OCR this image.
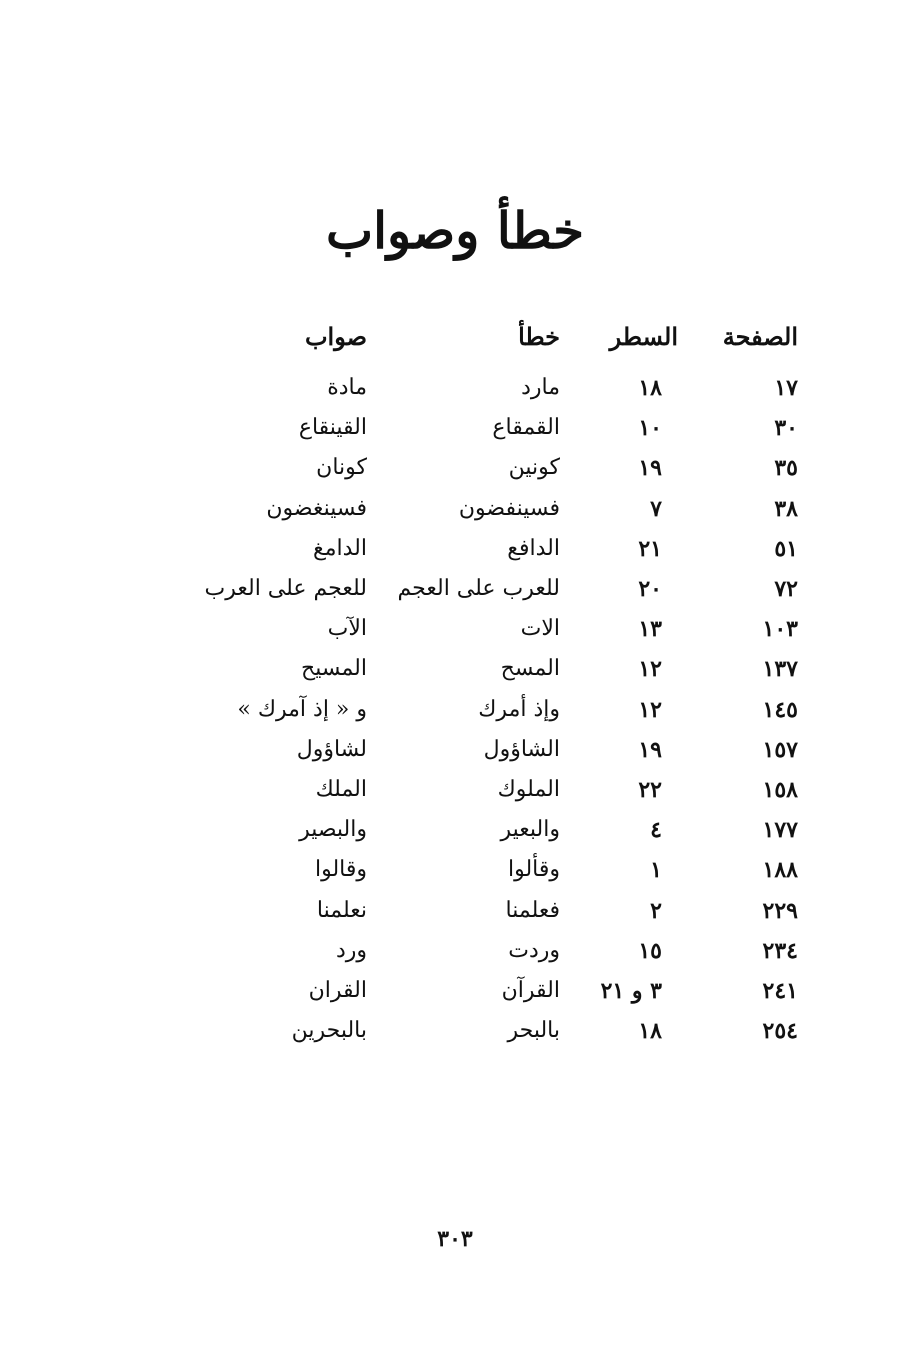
خطأ وصواب
الصفحة
السطر
خطأ
صواب
١٧
١٨
مارد
مادة
٣٠
١٠
القمقاع
القينقاع
٣٥
١٩
كونين
كونان
٣٨
٧
فسينفضون
فسينغضون
٥١
٢١
الدافع
الدامغ
٧٢
٢٠
للعرب على العجم
للعجم على العرب
١٠٣
١٣
الات
الآب
١٣٧
١٢
المسح
المسيح
١٤٥
١٢
وإذ أمرك
و « إذ آمرك »
١٥٧
١٩
الشاؤول
لشاؤول
١٥٨
٢٢
الملوك
الملك
١٧٧
٤
والبعير
والبصير
١٨٨
١
وقألوا
وقالوا
٢٢٩
٢
فعلمنا
نعلمنا
٢٣٤
١٥
وردت
ورد
٢٤١
٣ و ٢١
القرآن
القران
٢٥٤
١٨
بالبحر
بالبحرين
٣٠٣
